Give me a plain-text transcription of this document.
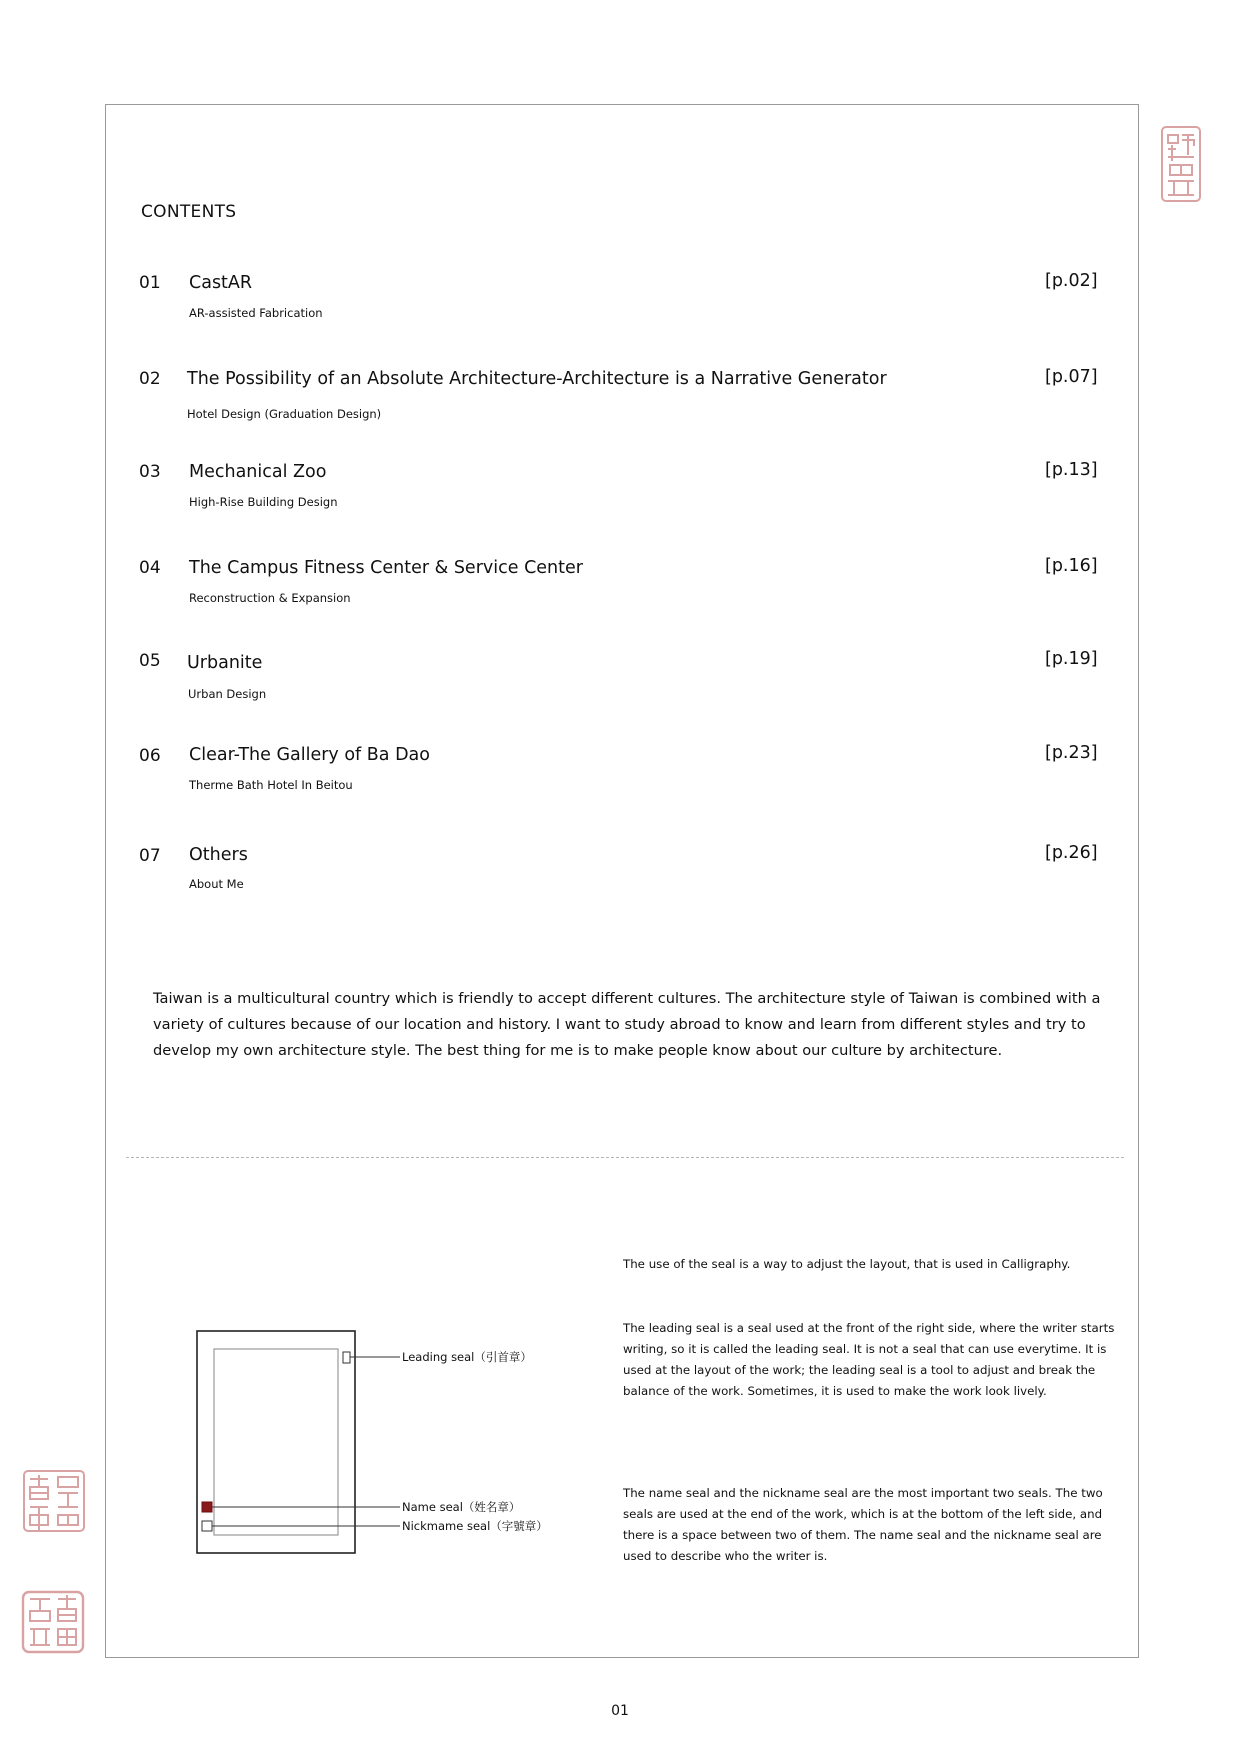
CONTENTS
01 CastAR
AR-assisted Fabrication
[p.02]
02 The Possibility of an Absolute Architecture-Architecture is a Narrative Generator
Hotel Design (Graduation Design)
[p.07]
03 Mechanical Zoo
High-Rise Building Design
[p.13]
04 The Campus Fitness Center & Service Center
Reconstruction & Expansion
[p.16]
05 Urbanite
Urban Design
[p.19]
06 Clear-The Gallery of Ba Dao
Therme Bath Hotel In Beitou
[p.23]
07 Others
About Me
[p.26]

Taiwan is a multicultural country which is friendly to accept different cultures. The architecture style of Taiwan is combined with a variety of cultures because of our location and history. I want to study abroad to know and learn from different styles and try to develop my own architecture style. The best thing for me is to make people know about our culture by architecture.

Leading seal（引首章）
Name seal（姓名章）
Nickmame seal（字號章）

The use of the seal is a way to adjust the layout, that is used in Calligraphy.

The leading seal is a seal used at the front of the right side, where the writer starts writing, so it is called the leading seal. It is not a seal that can use everytime. It is used at the layout of the work; the leading seal is a tool to adjust and break the balance of the work. Sometimes, it is used to make the work look lively.

The name seal and the nickname seal are the most important two seals. The two seals are used at the end of the work, which is at the bottom of the left side, and there is a space between two of them. The name seal and the nickname seal are used to describe who the writer is.

01
